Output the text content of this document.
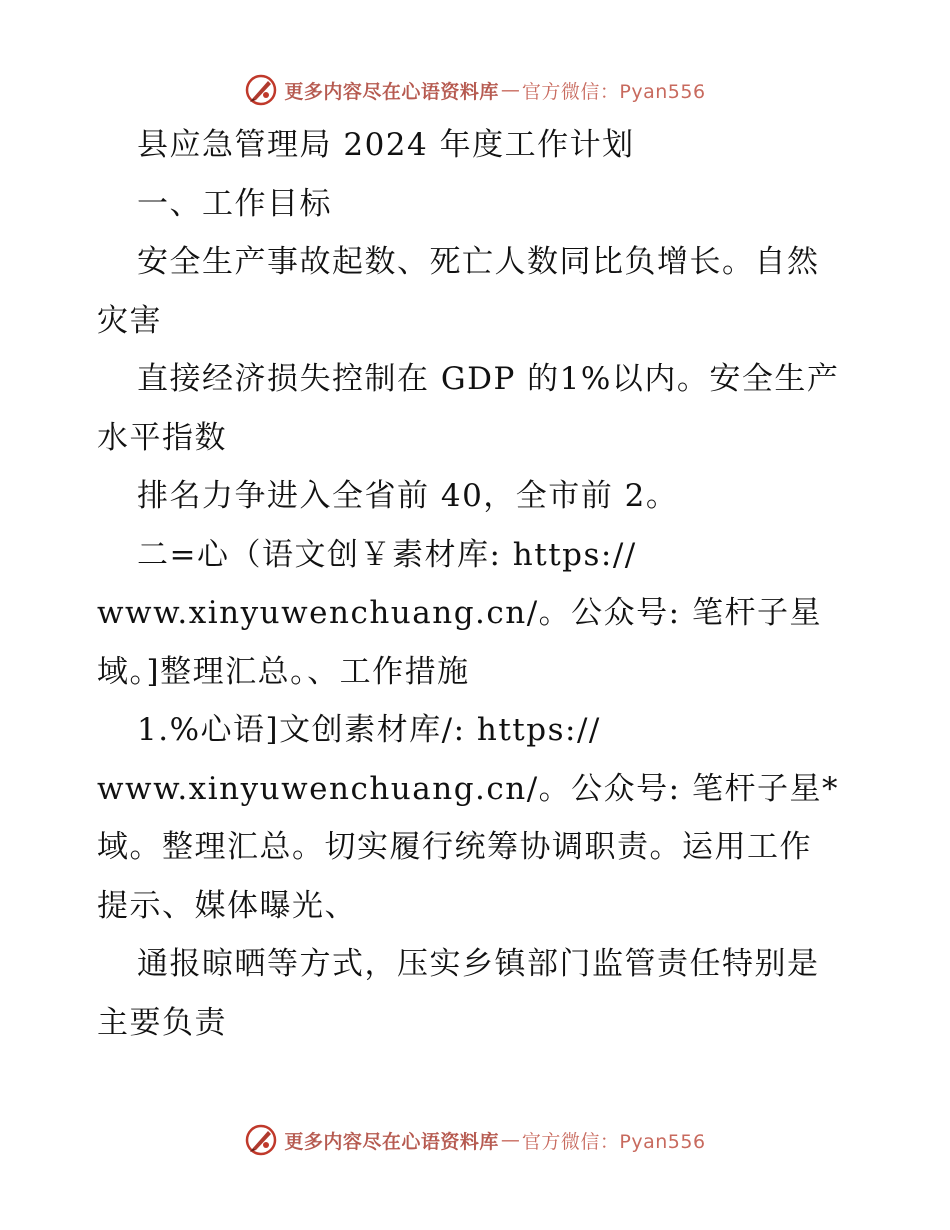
更多内容尽在心语资料库 — 官方微信：Pyan556
县应急管理局 2024 年度工作计划
一、工作目标
安全生产事故起数、死亡人数同比负增长。自然
灾害
直接经济损失控制在 GDP 的1%以内。安全生产
水平指数
排名力争进入全省前 40，全市前 2。
二=心（语文创￥素材库: https://
www.xinyuwenchuang.cn/。公众号: 笔杆子星
域。]整理汇总。、工作措施
1.%心语]文创素材库/: https://
www.xinyuwenchuang.cn/。公众号: 笔杆子星*
域。整理汇总。切实履行统筹协调职责。运用工作
提示、媒体曝光、
通报晾晒等方式，压实乡镇部门监管责任特别是
主要负责
更多内容尽在心语资料库 — 官方微信：Pyan556
